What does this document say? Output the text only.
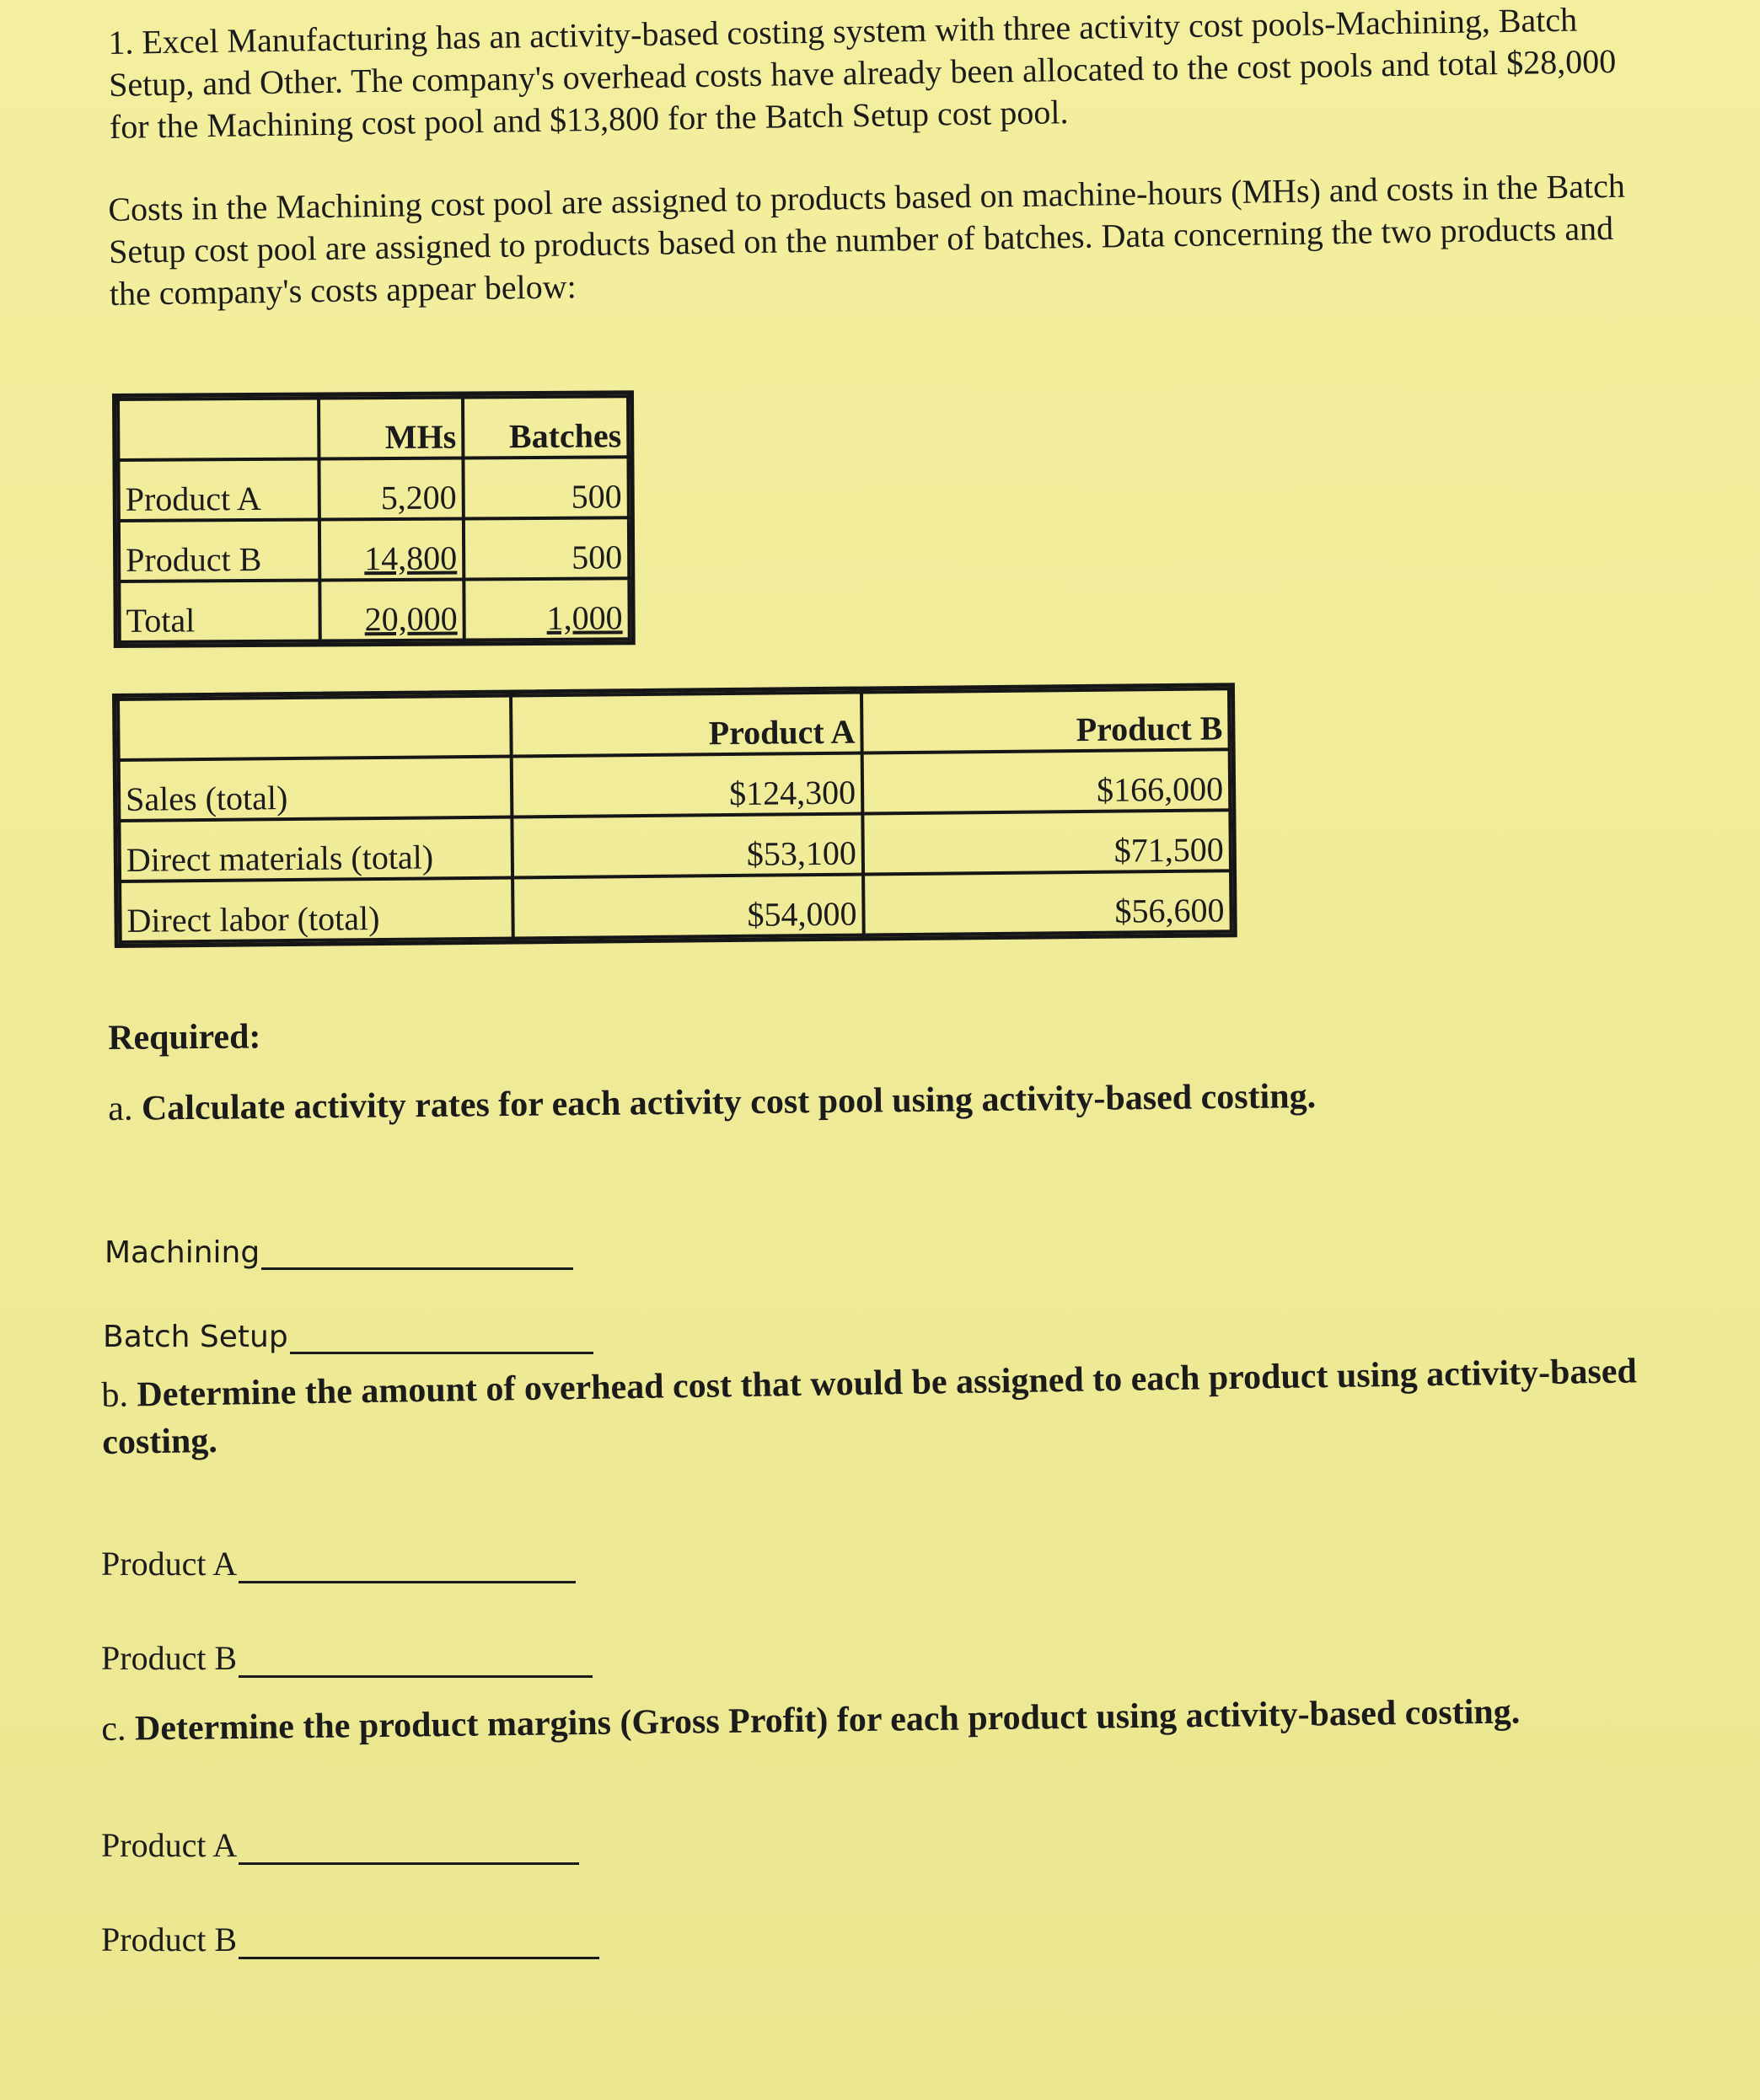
1. Excel Manufacturing has an activity-based costing system with three activity cost pools-Machining, Batch Setup, and Other. The company's overhead costs have already been allocated to the cost pools and total $28,000 for the Machining cost pool and $13,800 for the Batch Setup cost pool.

Costs in the Machining cost pool are assigned to products based on machine-hours (MHs) and costs in the Batch Setup cost pool are assigned to products based on the number of batches. Data concerning the two products and the company's costs appear below:

	MHs	Batches
Product A	5,200	500
Product B	14,800	500
Total	20,000	1,000
	Product A	Product B
Sales (total)	$124,300	$166,000
Direct materials (total)	$53,100	$71,500
Direct labor (total)	$54,000	$56,600

Required:

a. Calculate activity rates for each activity cost pool using activity-based costing.

Machining
Batch Setup

b. Determine the amount of overhead cost that would be assigned to each product using activity-based costing.

Product A
Product B

c. Determine the product margins (Gross Profit) for each product using activity-based costing.

Product A
Product B
